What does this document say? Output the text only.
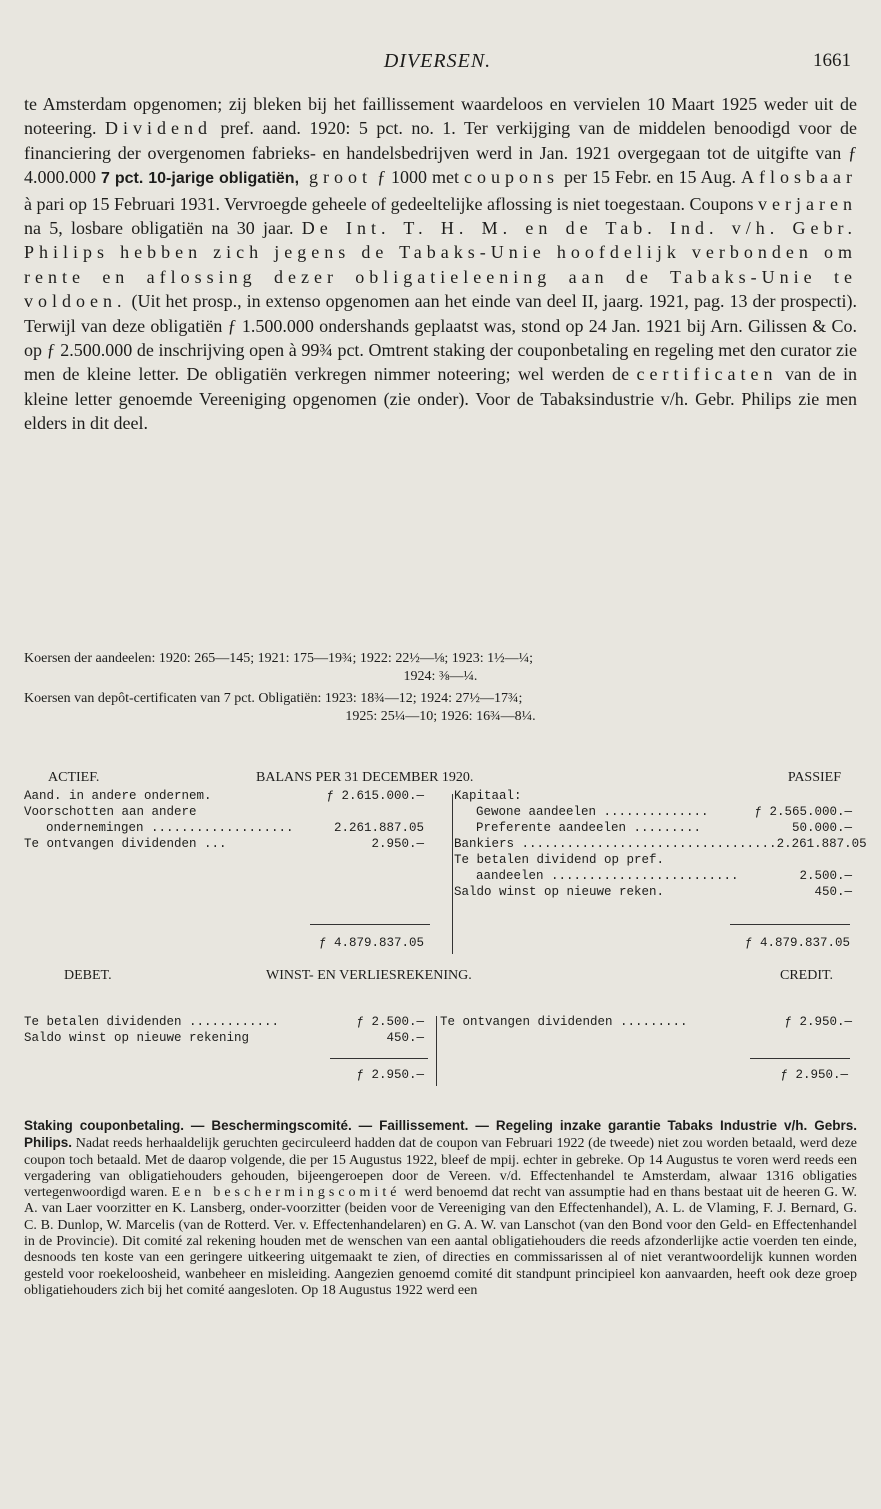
DIVERSEN.	1661

te Amsterdam opgenomen; zij bleken bij het faillissement waardeloos en vervielen 10 Maart 1925 weder uit de noteering. Dividend pref. aand. 1920: 5 pct. no. 1. Ter verkijging van de middelen benoodigd voor de financiering der overgenomen fabrieks- en handelsbedrijven werd in Jan. 1921 overgegaan tot de uitgifte van ƒ 4.000.000 7 pct. 10-jarige obligatiën, groot ƒ 1000 met coupons per 15 Febr. en 15 Aug. Aflosbaar à pari op 15 Februari 1931. Vervroegde geheele of gedeeltelijke aflossing is niet toegestaan. Coupons verjaren na 5, losbare obligatiën na 30 jaar. De Int. T. H. M. en de Tab. Ind. v/h. Gebr. Philips hebben zich jegens de Tabaks-Unie hoofdelijk verbonden om rente en aflossing dezer obligatieleening aan de Tabaks-Unie te voldoen. (Uit het prosp., in extenso opgenomen aan het einde van deel II, jaarg. 1921, pag. 13 der prospecti). Terwijl van deze obligatiën ƒ 1.500.000 ondershands geplaatst was, stond op 24 Jan. 1921 bij Arn. Gilissen & Co. op ƒ 2.500.000 de inschrijving open à 99¾ pct. Omtrent staking der couponbetaling en regeling met den curator zie men de kleine letter. De obligatiën verkregen nimmer noteering; wel werden de certificaten van de in kleine letter genoemde Vereeniging opgenomen (zie onder). Voor de Tabaksindustrie v/h. Gebr. Philips zie men elders in dit deel.

Koersen der aandeelen: 1920: 265—145; 1921: 175—19¾; 1922: 22½—⅛; 1923: 1½—¼;
1924: ⅜—¼.
Koersen van depôt-certificaten van 7 pct. Obligatiën: 1923: 18¾—12; 1924: 27½—17¾;
1925: 25¼—10; 1926: 16¾—8¼.
ACTIEF.	BALANS PER 31 DECEMBER 1920.	PASSIEF
Aand. in andere ondernem.	ƒ 2.615.000.—
Voorschotten aan andere
ondernemingen ...................	2.261.887.05
Te ontvangen dividenden ...	2.950.—
Kapitaal:
Gewone aandeelen ..............	ƒ 2.565.000.—
Preferente aandeelen .........	50.000.—
Bankiers .................................. 2.261.887.05
Te betalen dividend op pref.
aandeelen .........................	2.500.—
Saldo winst op nieuwe reken.	450.—
ƒ 4.879.837.05	ƒ 4.879.837.05
DEBET.	WINST- EN VERLIESREKENING.	CREDIT.
Te betalen dividenden ............	ƒ 2.500.—
Saldo winst op nieuwe rekening	450.—
Te ontvangen dividenden .........	ƒ 2.950.—
ƒ 2.950.—	ƒ 2.950.—

Staking couponbetaling. — Beschermingscomité. — Faillissement. — Regeling inzake garantie Tabaks Industrie v/h. Gebrs. Philips. Nadat reeds herhaaldelijk geruchten gecirculeerd hadden dat de coupon van Februari 1922 (de tweede) niet zou worden betaald, werd deze coupon toch betaald. Met de daarop volgende, die per 15 Augustus 1922, bleef de mpij. echter in gebreke. Op 14 Augustus te voren werd reeds een vergadering van obligatiehouders gehouden, bijeengeroepen door de Vereen. v/d. Effectenhandel te Amsterdam, alwaar 1316 obligaties vertegenwoordigd waren. Een beschermingscomité werd benoemd dat recht van assumptie had en thans bestaat uit de heeren G. W. A. van Laer voorzitter en K. Lansberg, onder-voorzitter (beiden voor de Vereeniging van den Effectenhandel), A. L. de Vlaming, F. J. Bernard, G. C. B. Dunlop, W. Marcelis (van de Rotterd. Ver. v. Effectenhandelaren) en G. A. W. van Lanschot (van den Bond voor den Geld- en Effectenhandel in de Provincie). Dit comité zal rekening houden met de wenschen van een aantal obligatiehouders die reeds afzonderlijke actie voerden ten einde, desnoods ten koste van een geringere uitkeering uitgemaakt te zien, of directies en commissarissen al of niet verantwoordelijk kunnen worden gesteld voor roekeloosheid, wanbeheer en misleiding. Aangezien genoemd comité dit standpunt principieel kon aanvaarden, heeft ook deze groep obligatiehouders zich bij het comité aangesloten. Op 18 Augustus 1922 werd een
